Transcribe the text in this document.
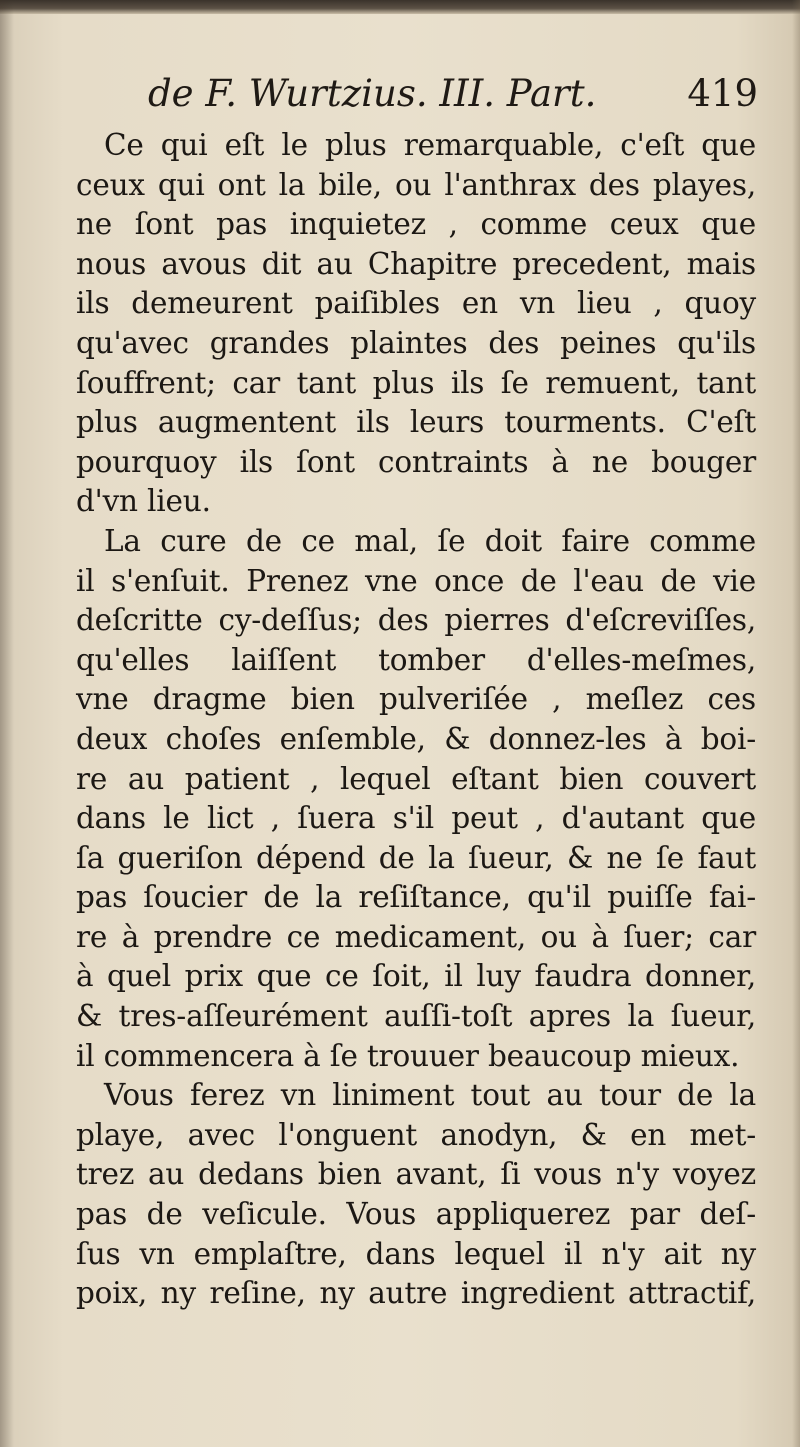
de F. Wurtzius. III. Part. 419
Ce qui eſt le plus remarquable, c'eſt que
ceux qui ont la bile, ou l'anthrax des playes,
ne ſont pas inquietez , comme ceux que
nous avous dit au Chapitre precedent, mais
ils demeurent paiſibles en vn lieu , quoy
qu'avec grandes plaintes des peines qu'ils
ſouffrent; car tant plus ils ſe remuent, tant
plus augmentent ils leurs tourments. C'eſt
pourquoy ils ſont contraints à ne bouger
d'vn lieu.
La cure de ce mal, ſe doit faire comme
il s'enſuit. Prenez vne once de l'eau de vie
deſcritte cy-deſſus; des pierres d'eſcreviſſes,
qu'elles laiſſent tomber d'elles-meſmes,
vne dragme bien pulveriſée , meſlez ces
deux choſes enſemble, & donnez-les à boi-
re au patient , lequel eſtant bien couvert
dans le lict , ſuera s'il peut , d'autant que
ſa gueriſon dépend de la ſueur, & ne ſe faut
pas ſoucier de la reſiſtance, qu'il puiſſe fai-
re à prendre ce medicament, ou à ſuer; car
à quel prix que ce ſoit, il luy faudra donner,
& tres-aſſeurément auſſi-toſt apres la ſueur,
il commencera à ſe trouuer beaucoup mieux.
Vous ferez vn liniment tout au tour de la
playe, avec l'onguent anodyn, & en met-
trez au dedans bien avant, ſi vous n'y voyez
pas de veſicule. Vous appliquerez par deſ-
ſus vn emplaſtre, dans lequel il n'y ait ny
poix, ny reſine, ny autre ingredient attractif,
